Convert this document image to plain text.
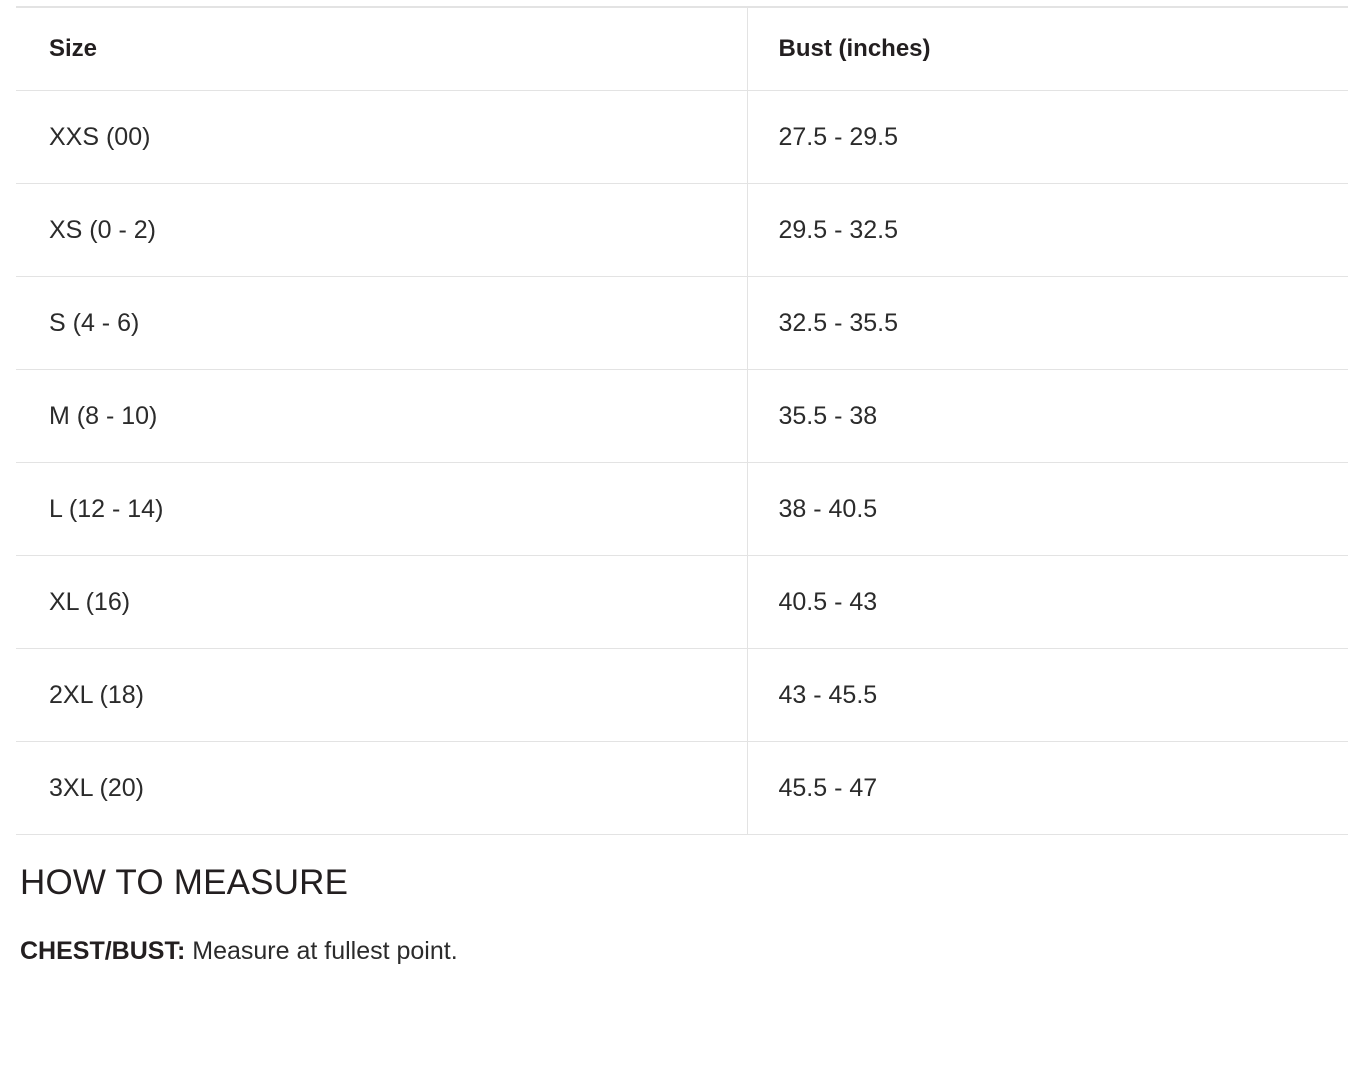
Size	Bust (inches)
XXS (00)	27.5 - 29.5
XS (0 - 2)	29.5 - 32.5
S (4 - 6)	32.5 - 35.5
M (8 - 10)	35.5 - 38
L (12 - 14)	38 - 40.5
XL (16)	40.5 - 43
2XL (18)	43 - 45.5
3XL (20)	45.5 - 47
HOW TO MEASURE

CHEST/BUST: Measure at fullest point.
